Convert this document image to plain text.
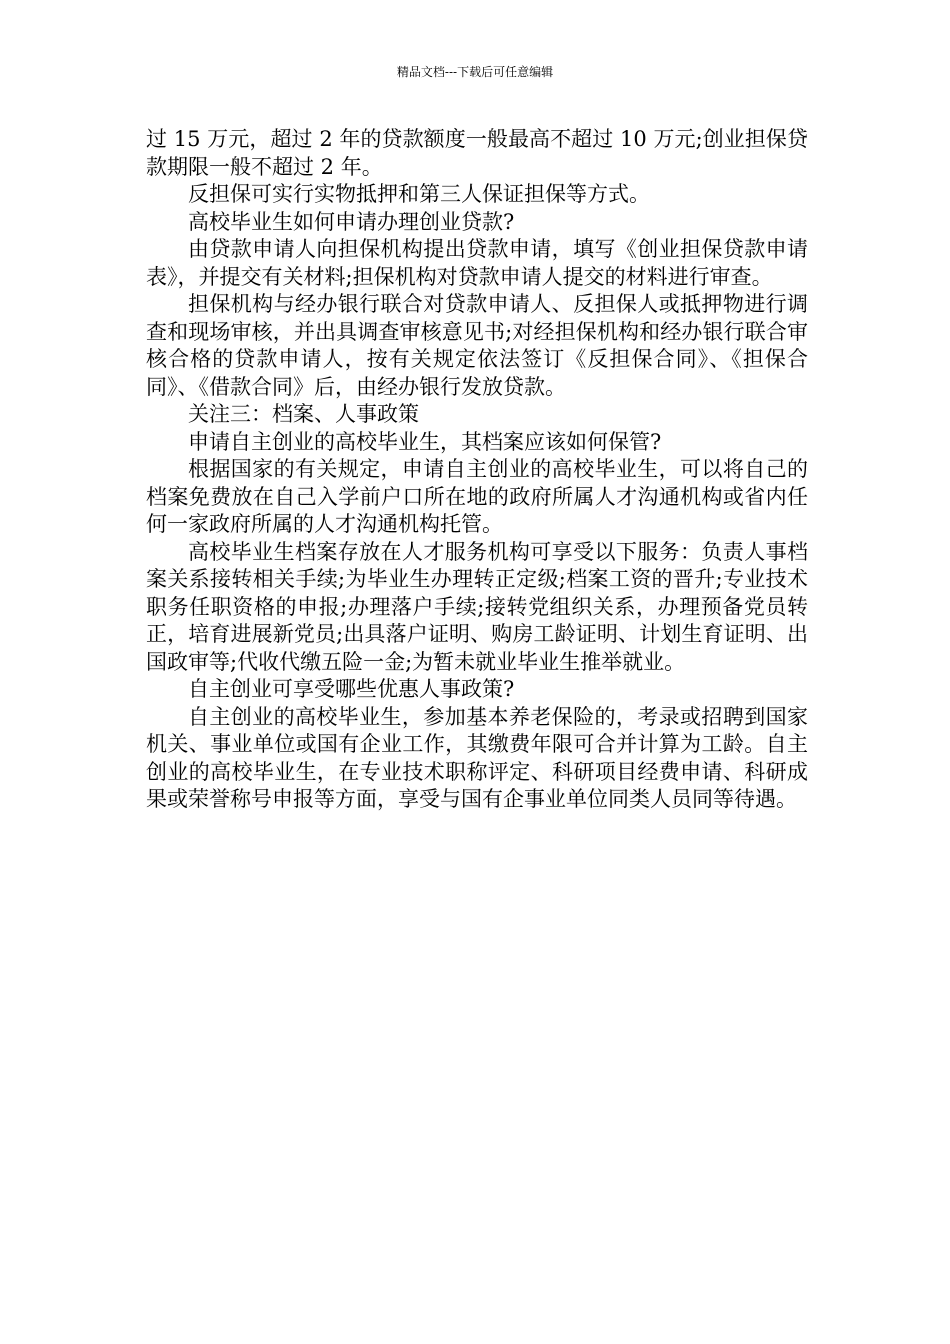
精品文档---下载后可任意编辑

过 15 万元，超过 2 年的贷款额度一般最高不超过 10 万元;创业担保贷款期限一般不超过 2 年。

反担保可实行实物抵押和第三人保证担保等方式。

高校毕业生如何申请办理创业贷款?

由贷款申请人向担保机构提出贷款申请，填写《创业担保贷款申请表》，并提交有关材料;担保机构对贷款申请人提交的材料进行审查。

担保机构与经办银行联合对贷款申请人、反担保人或抵押物进行调查和现场审核，并出具调查审核意见书;对经担保机构和经办银行联合审核合格的贷款申请人，按有关规定依法签订《反担保合同》、《担保合同》、《借款合同》后，由经办银行发放贷款。

关注三：档案、人事政策

申请自主创业的高校毕业生，其档案应该如何保管?

根据国家的有关规定，申请自主创业的高校毕业生，可以将自己的档案免费放在自己入学前户口所在地的政府所属人才沟通机构或省内任何一家政府所属的人才沟通机构托管。

高校毕业生档案存放在人才服务机构可享受以下服务：负责人事档案关系接转相关手续;为毕业生办理转正定级;档案工资的晋升;专业技术职务任职资格的申报;办理落户手续;接转党组织关系，办理预备党员转正，培育进展新党员;出具落户证明、购房工龄证明、计划生育证明、出国政审等;代收代缴五险一金;为暂未就业毕业生推举就业。

自主创业可享受哪些优惠人事政策?

自主创业的高校毕业生，参加基本养老保险的，考录或招聘到国家机关、事业单位或国有企业工作，其缴费年限可合并计算为工龄。自主创业的高校毕业生，在专业技术职称评定、科研项目经费申请、科研成果或荣誉称号申报等方面，享受与国有企事业单位同类人员同等待遇。
